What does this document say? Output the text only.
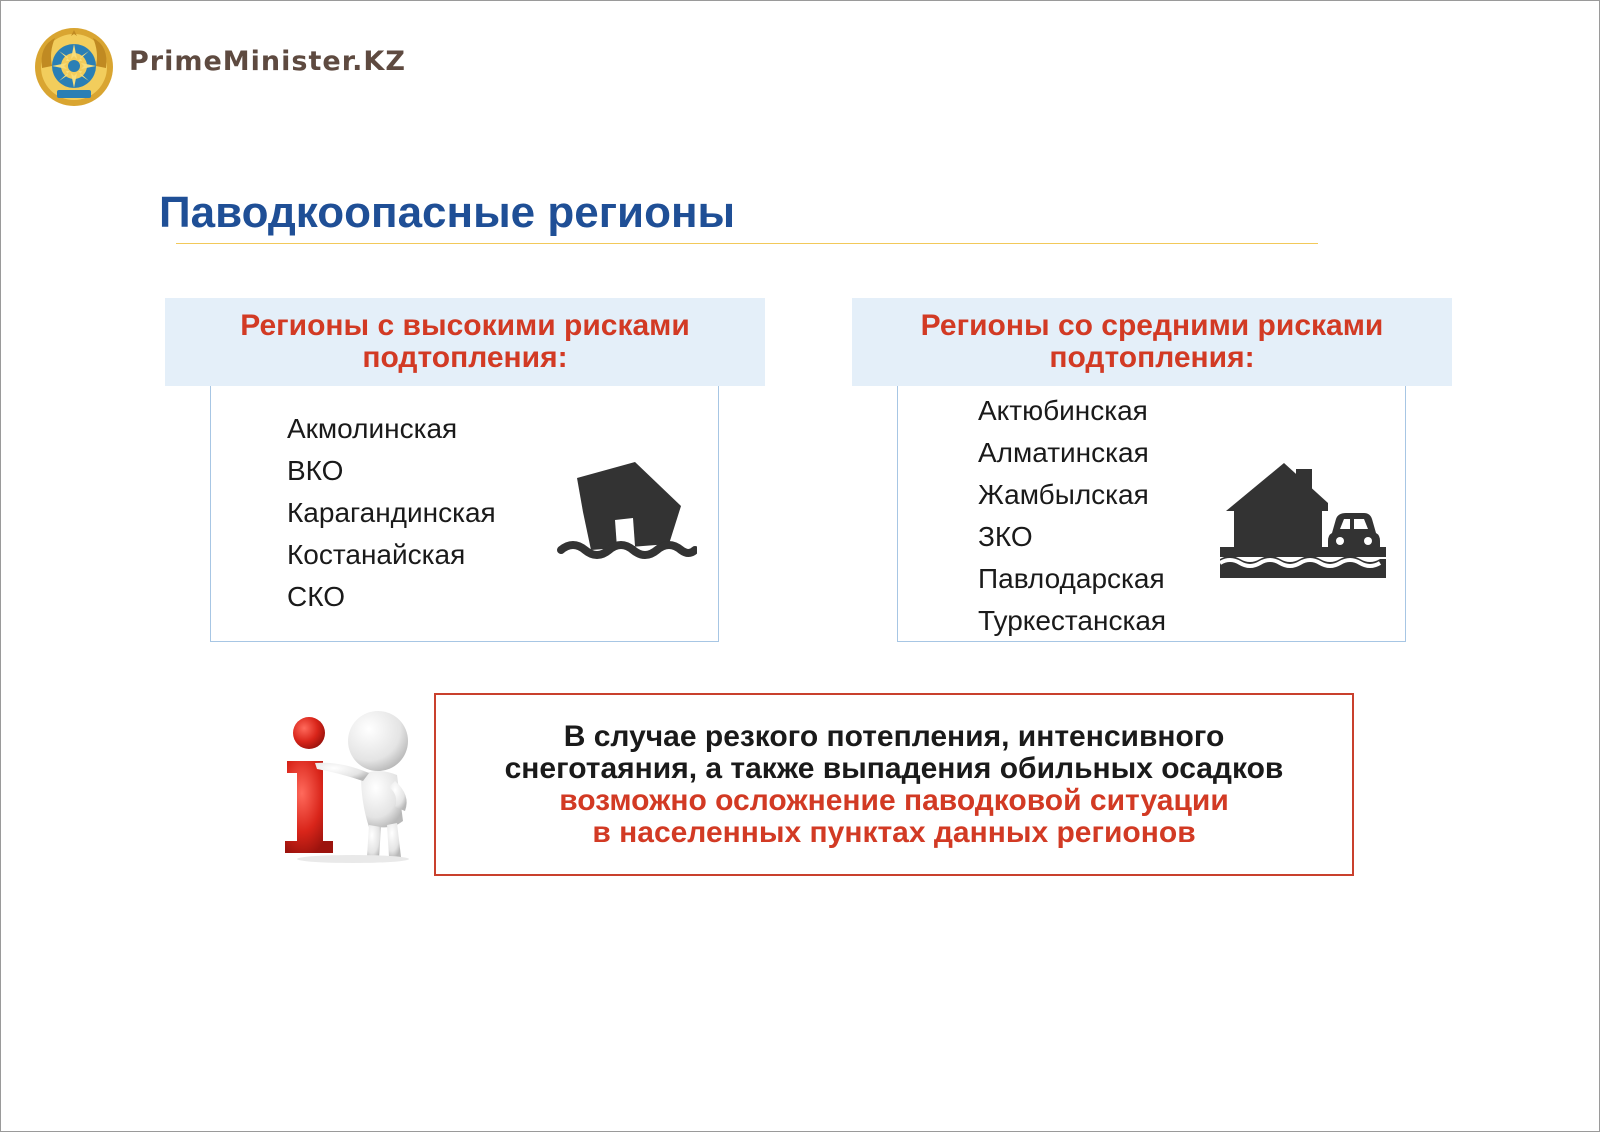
PrimeMinister.KZ
Паводкоопасные регионы
Регионы с высокими рисками
подтопления:
Акмолинская
ВКО
Карагандинская
Костанайская
СКО
Регионы со средними рисками
подтопления:
Актюбинская
Алматинская
Жамбылская
ЗКО
Павлодарская
Туркестанская
В случае резкого потепления, интенсивного
снеготаяния, а также выпадения обильных осадков
возможно осложнение паводковой ситуации
в населенных пунктах данных регионов
